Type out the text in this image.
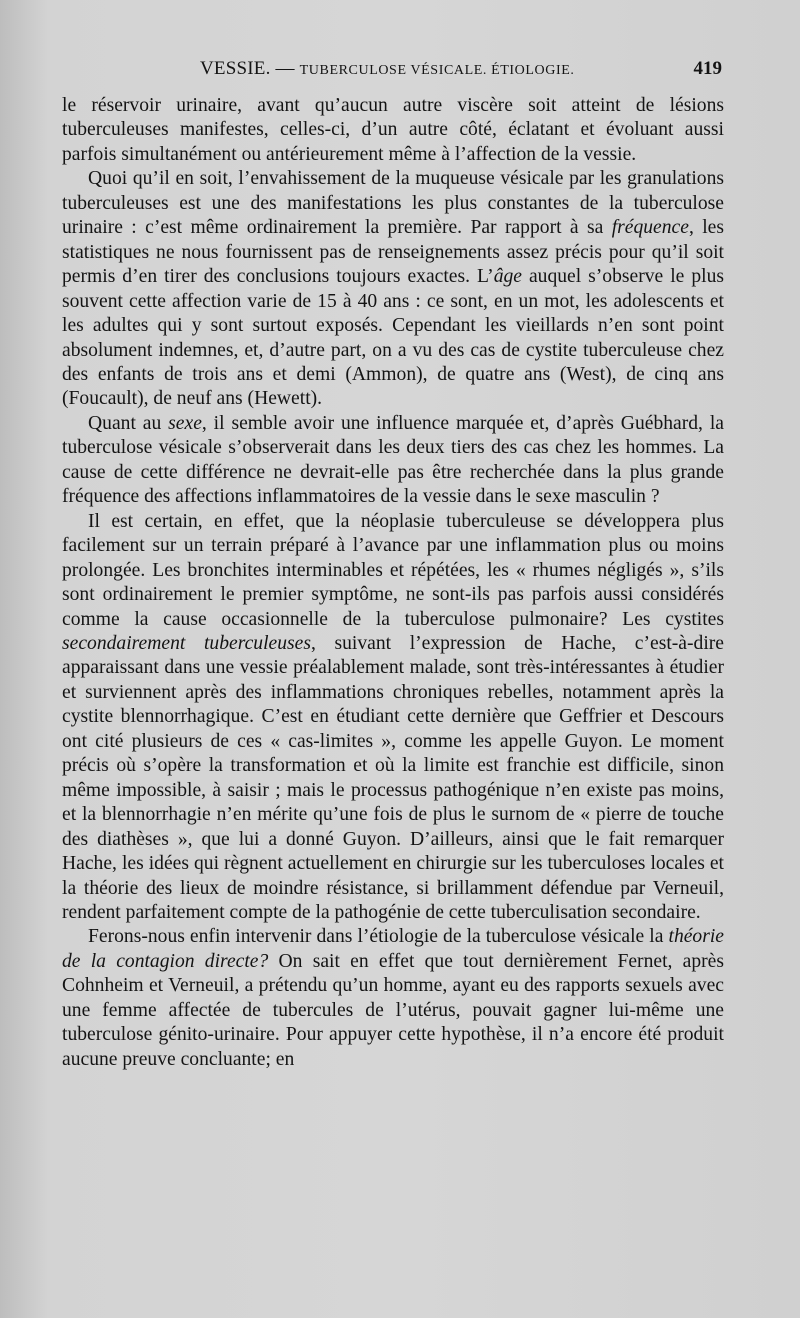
VESSIE. — TUBERCULOSE VÉSICALE. ÉTIOLOGIE.	419

le réservoir urinaire, avant qu’aucun autre viscère soit atteint de lésions tuberculeuses manifestes, celles-ci, d’un autre côté, éclatant et évoluant aussi parfois simultanément ou antérieurement même à l’affection de la vessie.

Quoi qu’il en soit, l’envahissement de la muqueuse vésicale par les granulations tuberculeuses est une des manifestations les plus constantes de la tuberculose urinaire : c’est même ordinairement la première. Par rapport à sa fréquence, les statistiques ne nous fournissent pas de renseignements assez précis pour qu’il soit permis d’en tirer des conclusions toujours exactes. L’âge auquel s’observe le plus souvent cette affection varie de 15 à 40 ans : ce sont, en un mot, les adolescents et les adultes qui y sont surtout exposés. Cependant les vieillards n’en sont point absolument indemnes, et, d’autre part, on a vu des cas de cystite tuberculeuse chez des enfants de trois ans et demi (Ammon), de quatre ans (West), de cinq ans (Foucault), de neuf ans (Hewett).

Quant au sexe, il semble avoir une influence marquée et, d’après Guébhard, la tuberculose vésicale s’observerait dans les deux tiers des cas chez les hommes. La cause de cette différence ne devrait-elle pas être recherchée dans la plus grande fréquence des affections inflammatoires de la vessie dans le sexe masculin ?

Il est certain, en effet, que la néoplasie tuberculeuse se développera plus facilement sur un terrain préparé à l’avance par une inflammation plus ou moins prolongée. Les bronchites interminables et répétées, les « rhumes négligés », s’ils sont ordinairement le premier symptôme, ne sont-ils pas parfois aussi considérés comme la cause occasionnelle de la tuberculose pulmonaire? Les cystites secondairement tuberculeuses, suivant l’expression de Hache, c’est-à-dire apparaissant dans une vessie préalablement malade, sont très-intéressantes à étudier et surviennent après des inflammations chroniques rebelles, notamment après la cystite blennorrhagique. C’est en étudiant cette dernière que Geffrier et Descours ont cité plusieurs de ces « cas-limites », comme les appelle Guyon. Le moment précis où s’opère la transformation et où la limite est franchie est difficile, sinon même impossible, à saisir ; mais le processus pathogénique n’en existe pas moins, et la blennorrhagie n’en mérite qu’une fois de plus le surnom de « pierre de touche des diathèses », que lui a donné Guyon. D’ailleurs, ainsi que le fait remarquer Hache, les idées qui règnent actuellement en chirurgie sur les tuberculoses locales et la théorie des lieux de moindre résistance, si brillamment défendue par Verneuil, rendent parfaitement compte de la pathogénie de cette tuberculisation secondaire.

Ferons-nous enfin intervenir dans l’étiologie de la tuberculose vésicale la théorie de la contagion directe? On sait en effet que tout dernièrement Fernet, après Cohnheim et Verneuil, a prétendu qu’un homme, ayant eu des rapports sexuels avec une femme affectée de tubercules de l’utérus, pouvait gagner lui-même une tuberculose génito-urinaire. Pour appuyer cette hypothèse, il n’a encore été produit aucune preuve concluante; en
